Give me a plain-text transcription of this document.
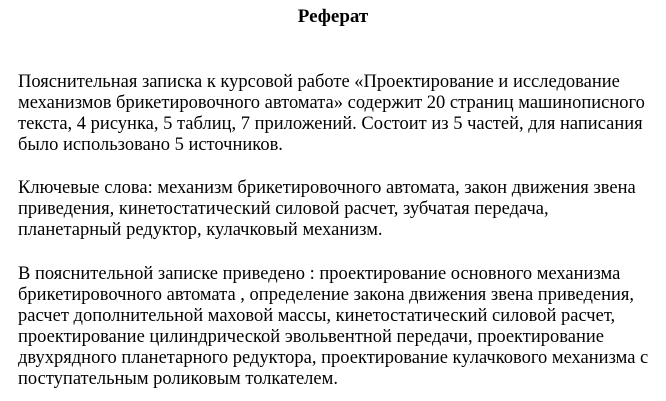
Реферат

Пояснительная записка к курсовой работе «Проектирование и исследование
механизмов брикетировочного автомата» содержит 20 страниц машинописного
текста, 4 рисунка, 5 таблиц, 7 приложений. Состоит из 5 частей, для написания
было использовано 5 источников.

Ключевые слова: механизм брикетировочного автомата, закон движения звена
приведения, кинетостатический силовой расчет, зубчатая передача,
планетарный редуктор, кулачковый механизм.

В пояснительной записке приведено : проектирование основного механизма
брикетировочного автомата , определение закона движения звена приведения,
расчет дополнительной маховой массы, кинетостатический силовой расчет,
проектирование цилиндрической эвольвентной передачи, проектирование
двухрядного планетарного редуктора, проектирование кулачкового механизма с
поступательным роликовым толкателем.
